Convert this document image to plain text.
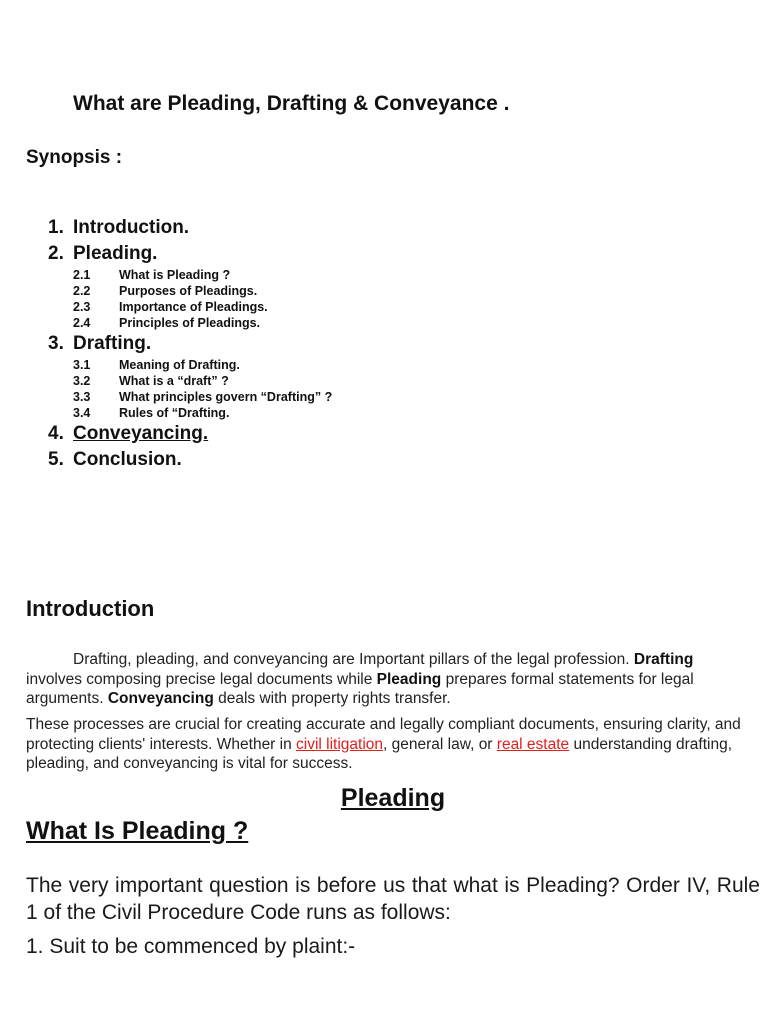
What are Pleading, Drafting & Conveyance .
Synopsis :
1. Introduction.
2. Pleading.
2.1	What is Pleading ?
2.2	Purposes of Pleadings.
2.3	Importance of Pleadings.
2.4	Principles of Pleadings.
3. Drafting.
3.1	Meaning of Drafting.
3.2	What is a “draft” ?
3.3	What principles govern “Drafting” ?
3.4	Rules of “Drafting.
4. Conveyancing.
5. Conclusion.
Introduction

Drafting, pleading, and conveyancing are Important pillars of the legal profession. Drafting involves composing precise legal documents while Pleading prepares formal statements for legal arguments. Conveyancing deals with property rights transfer.

These processes are crucial for creating accurate and legally compliant documents, ensuring clarity, and protecting clients' interests. Whether in civil litigation, general law, or real estate understanding drafting, pleading, and conveyancing is vital for success.

Pleading
What Is Pleading ?

The very important question is before us that what is Pleading? Order IV, Rule 1 of the Civil Procedure Code runs as follows:

1. Suit to be commenced by plaint:-
